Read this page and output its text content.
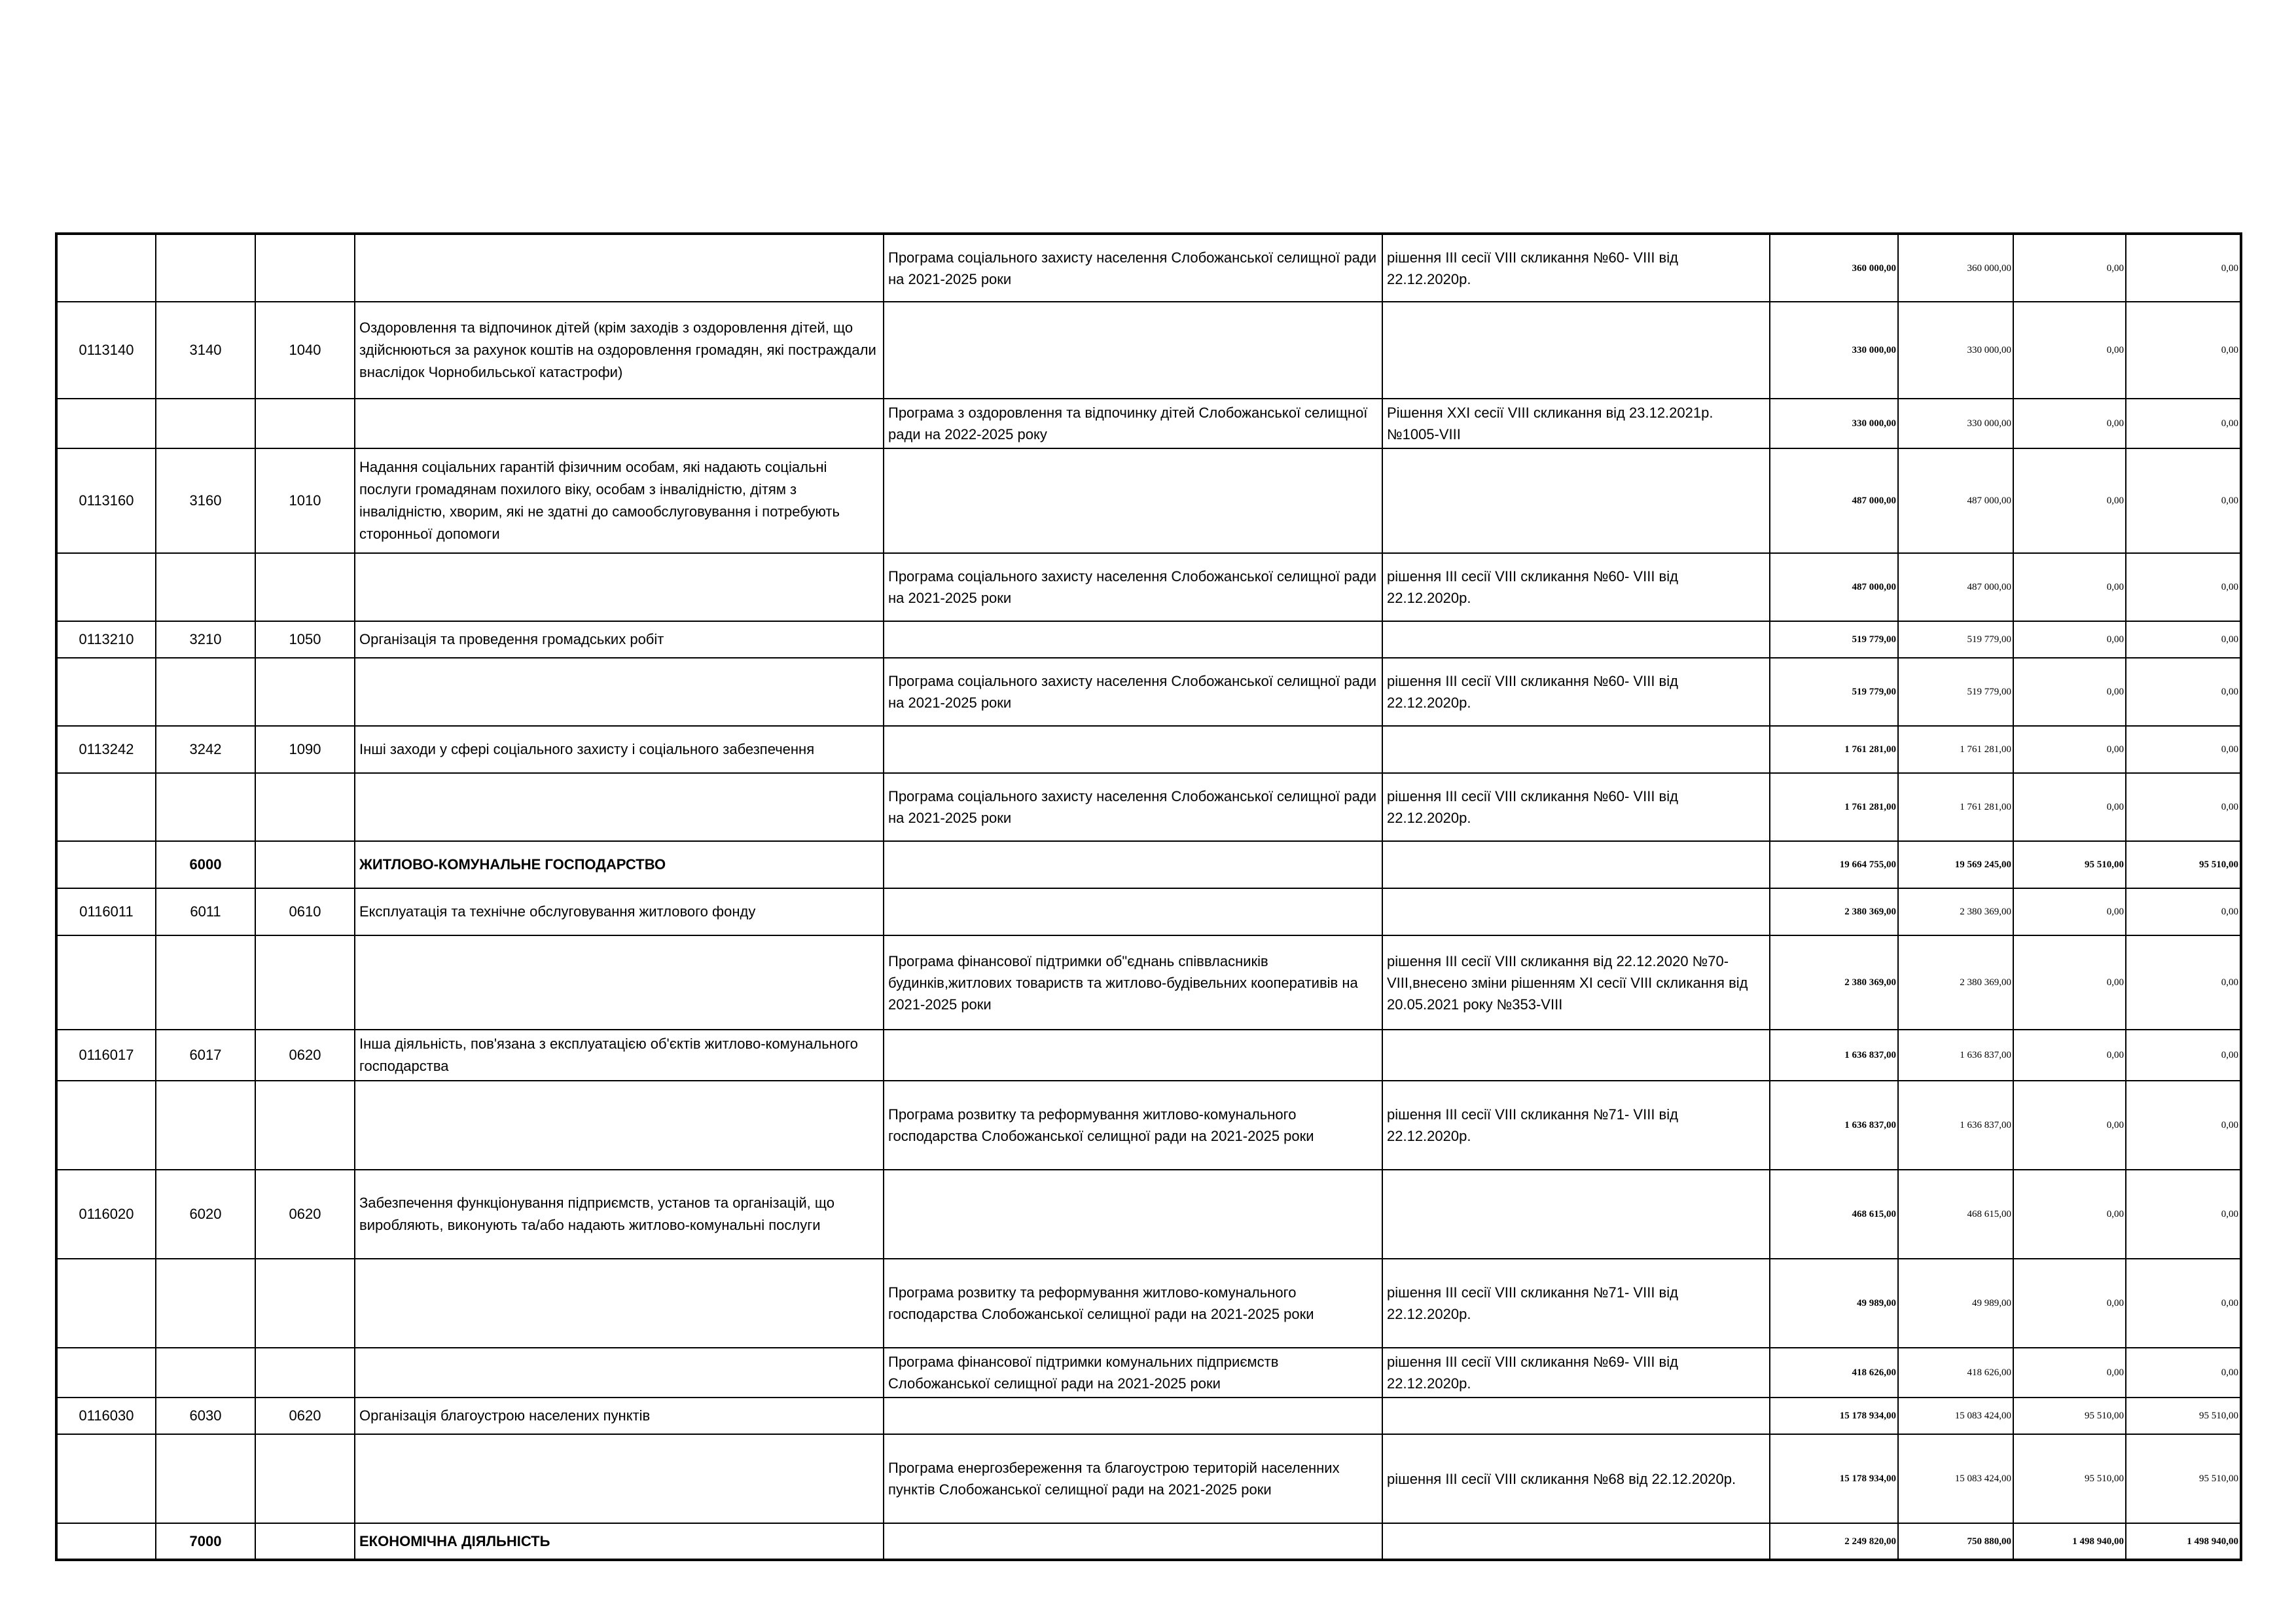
				Програма соціального захисту населення Слобожанської селищної ради на 2021-2025 роки	рішення ІІІ сесії VIII скликання №60- VIII від 22.12.2020р.	360 000,00	360 000,00	0,00	0,00
0113140	3140	1040	Оздоровлення та відпочинок дітей (крім заходів з оздоровлення дітей, що здійснюються за рахунок коштів на оздоровлення громадян, які постраждали внаслідок Чорнобильської катастрофи)			330 000,00	330 000,00	0,00	0,00
				Програма з оздоровлення та відпочинку дітей Слобожанської селищної ради на 2022-2025 року	Рішення XXІ сесії VIII скликання від 23.12.2021р. №1005-VIII	330 000,00	330 000,00	0,00	0,00
0113160	3160	1010	Надання соціальних гарантій фізичним особам, які надають соціальні послуги громадянам похилого віку, особам з інвалідністю, дітям з інвалідністю, хворим, які не здатні до самообслуговування і потребують сторонньої допомоги			487 000,00	487 000,00	0,00	0,00
				Програма соціального захисту населення Слобожанської селищної ради на 2021-2025 роки	рішення ІІІ сесії VIII скликання №60- VIII від 22.12.2020р.	487 000,00	487 000,00	0,00	0,00
0113210	3210	1050	Організація та проведення громадських робіт			519 779,00	519 779,00	0,00	0,00
				Програма соціального захисту населення Слобожанської селищної ради на 2021-2025 роки	рішення ІІІ сесії VIII скликання №60- VIII від 22.12.2020р.	519 779,00	519 779,00	0,00	0,00
0113242	3242	1090	Інші заходи у сфері соціального захисту і соціального забезпечення			1 761 281,00	1 761 281,00	0,00	0,00
				Програма соціального захисту населення Слобожанської селищної ради на 2021-2025 роки	рішення ІІІ сесії VIII скликання №60- VIII від 22.12.2020р.	1 761 281,00	1 761 281,00	0,00	0,00
	6000		ЖИТЛОВО-КОМУНАЛЬНЕ ГОСПОДАРСТВО			19 664 755,00	19 569 245,00	95 510,00	95 510,00
0116011	6011	0610	Експлуатація та технічне обслуговування житлового фонду			2 380 369,00	2 380 369,00	0,00	0,00
				Програма фінансової підтримки об"єднань співвласників будинків,житлових товариств та житлово-будівельних кооперативів на 2021-2025 роки	рішення ІІІ сесії VIII скликання від 22.12.2020 №70-VIII,внесено зміни рішенням XI сесії VIII скликання від 20.05.2021 року №353-VIII	2 380 369,00	2 380 369,00	0,00	0,00
0116017	6017	0620	Інша діяльність, пов'язана з експлуатацією об'єктів житлово-комунального господарства			1 636 837,00	1 636 837,00	0,00	0,00
				Програма розвитку та реформування житлово-комунального господарства Слобожанської селищної ради на 2021-2025 роки	рішення ІІІ сесії VIII скликання №71- VIII від 22.12.2020р.	1 636 837,00	1 636 837,00	0,00	0,00
0116020	6020	0620	Забезпечення функціонування підприємств, установ та організацій, що виробляють, виконують та/або надають житлово-комунальні послуги			468 615,00	468 615,00	0,00	0,00
				Програма розвитку та реформування житлово-комунального господарства Слобожанської селищної ради на 2021-2025 роки	рішення ІІІ сесії VIII скликання №71- VIII від 22.12.2020р.	49 989,00	49 989,00	0,00	0,00
				Програма фінансової підтримки комунальних підприємств Слобожанської селищної ради на 2021-2025 роки	рішення ІІІ сесії VIII скликання №69- VIII від 22.12.2020р.	418 626,00	418 626,00	0,00	0,00
0116030	6030	0620	Організація благоустрою населених пунктів			15 178 934,00	15 083 424,00	95 510,00	95 510,00
				Програма енергозбереження та благоустрою територій населенних пунктів Слобожанської селищної ради на 2021-2025 роки	рішення ІІІ сесії VIII скликання №68 від 22.12.2020р.	15 178 934,00	15 083 424,00	95 510,00	95 510,00
	7000		ЕКОНОМІЧНА ДІЯЛЬНІСТЬ			2 249 820,00	750 880,00	1 498 940,00	1 498 940,00
